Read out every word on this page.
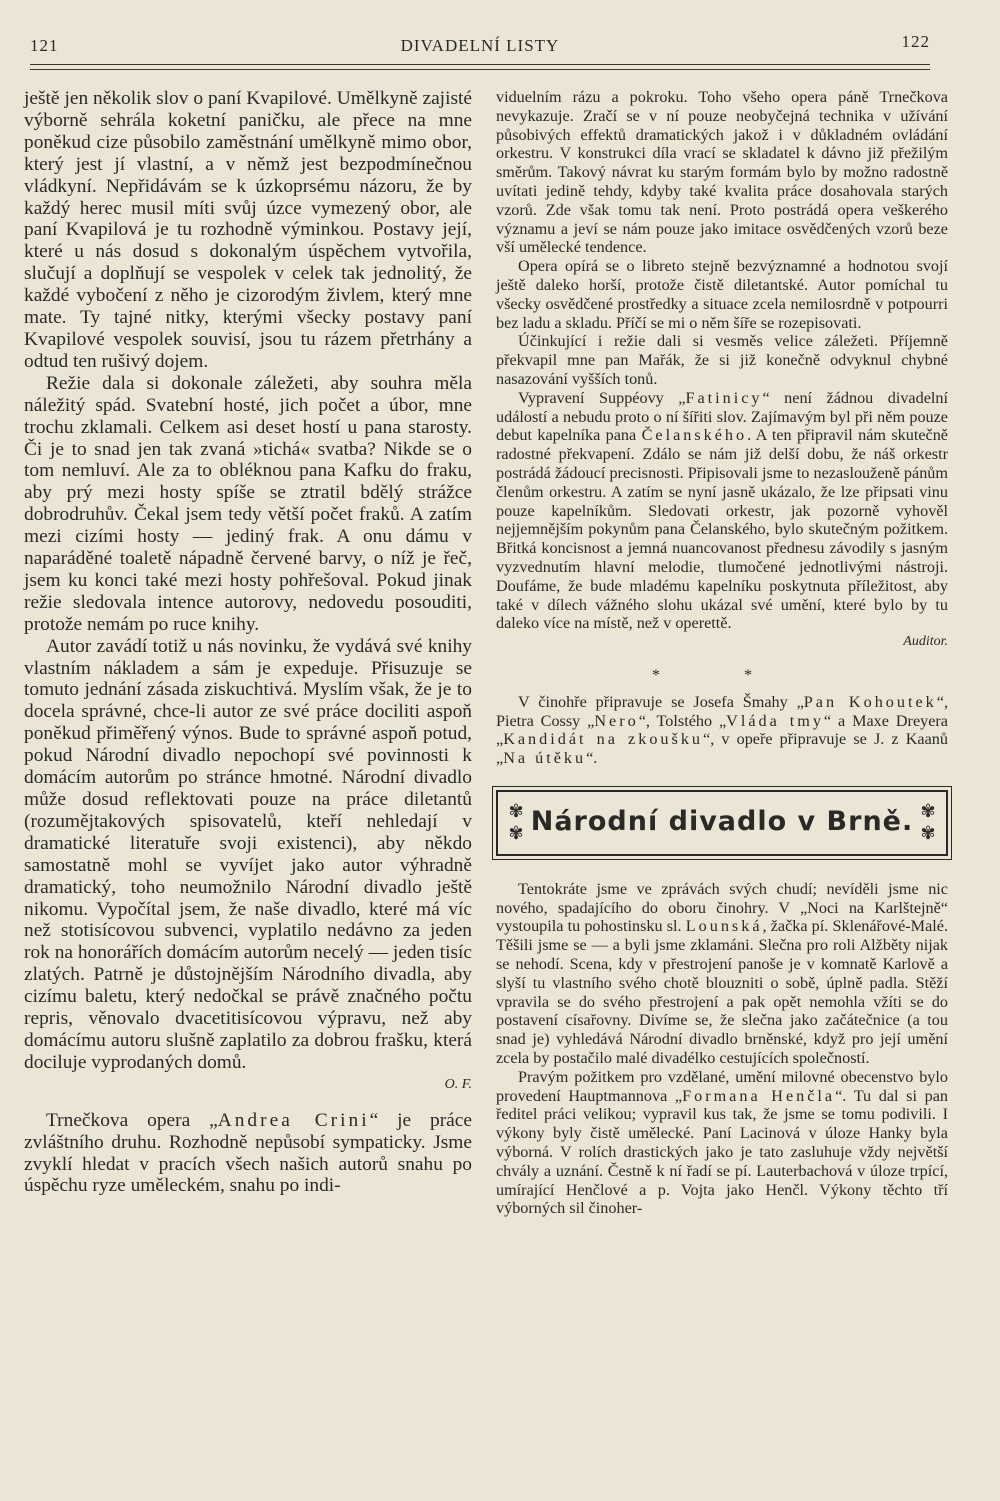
121	DIVADELNÍ LISTY	122

ještě jen několik slov o paní Kvapilové. Umělkyně zajisté výborně sehrála koketní paničku, ale přece na mne poněkud cize působilo zaměstnání umělkyně mimo obor, který jest jí vlastní, a v němž jest bezpodmínečnou vládkyní. Nepřidávám se k úzkoprsému názoru, že by každý herec musil míti svůj úzce vymezený obor, ale paní Kvapilová je tu rozhodně výminkou. Postavy její, které u nás dosud s dokonalým úspěchem vytvořila, slučují a doplňují se vespolek v celek tak jednolitý, že každé vybočení z něho je cizorodým živlem, který mne mate. Ty tajné nitky, kterými všecky postavy paní Kvapilové vespolek souvisí, jsou tu rázem přetrhány a odtud ten rušivý dojem.

Režie dala si dokonale záležeti, aby souhra měla náležitý spád. Svatební hosté, jich počet a úbor, mne trochu zklamali. Celkem asi deset hostí u pana starosty. Či je to snad jen tak zvaná »tichá« svatba? Nikde se o tom nemluví. Ale za to obléknou pana Kafku do fraku, aby prý mezi hosty spíše se ztratil bdělý strážce dobrodruhův. Čekal jsem tedy větší počet fraků. A zatím mezi cizími hosty — jediný frak. A onu dámu v naparáděné toaletě nápadně červené barvy, o níž je řeč, jsem ku konci také mezi hosty pohřešoval. Pokud jinak režie sledovala intence autorovy, nedovedu posouditi, protože nemám po ruce knihy.

Autor zavádí totiž u nás novinku, že vydává své knihy vlastním nákladem a sám je expeduje. Přisuzuje se tomuto jednání zásada ziskuchtivá. Myslím však, že je to docela správné, chce-li autor ze své práce dociliti aspoň poněkud přiměřený výnos. Bude to správné aspoň potud, pokud Národní divadlo nepochopí své povinnosti k domácím autorům po stránce hmotné. Národní divadlo může dosud reflektovati pouze na práce diletantů (rozumějtakových spisovatelů, kteří nehledají v dramatické literatuře svoji existenci), aby někdo samostatně mohl se vyvíjet jako autor výhradně dramatický, toho neumožnilo Národní divadlo ještě nikomu. Vypočítal jsem, že naše divadlo, které má víc než stotisícovou subvenci, vyplatilo nedávno za jeden rok na honorářích domácím autorům necelý — jeden tisíc zlatých. Patrně je důstojnějším Národního divadla, aby cizímu baletu, který nedočkal se právě značného počtu repris, věnovalo dvacetitisícovou výpravu, než aby domácímu autoru slušně zaplatilo za dobrou frašku, která dociluje vyprodaných domů.

O. F.

Trnečkova opera „Andrea Crini“ je práce zvláštního druhu. Rozhodně nepůsobí sympaticky. Jsme zvyklí hledat v pracích všech našich autorů snahu po úspěchu ryze uměleckém, snahu po indi-

viduelním rázu a pokroku. Toho všeho opera páně Trnečkova nevykazuje. Zračí se v ní pouze neobyčejná technika v užívání působivých effektů dramatických jakož i v důkladném ovládání orkestru. V konstrukci díla vrací se skladatel k dávno již přežilým směrům. Takový návrat ku starým formám bylo by možno radostně uvítati jedině tehdy, kdyby také kvalita práce dosahovala starých vzorů. Zde však tomu tak není. Proto postrádá opera veškerého významu a jeví se nám pouze jako imitace osvědčených vzorů beze vší umělecké tendence.

Opera opírá se o libreto stejně bezvýznamné a hodnotou svojí ještě daleko horší, protože čistě diletantské. Autor pomíchal tu všecky osvědčené prostředky a situace zcela nemilosrdně v potpourri bez ladu a skladu. Příčí se mi o něm šíře se rozepisovati.

Účinkující i režie dali si vesměs velice záležeti. Příjemně překvapil mne pan Mařák, že si již konečně odvyknul chybné nasazování vyšších tonů.

Vypravení Suppéovy „Fatinicy“ není žádnou divadelní událostí a nebudu proto o ní šířiti slov. Zajímavým byl při něm pouze debut kapelníka pana Čelanského. A ten připravil nám skutečně radostné překvapení. Zdálo se nám již delší dobu, že náš orkestr postrádá žádoucí precisnosti. Připisovali jsme to nezaslouženě pánům členům orkestru. A zatím se nyní jasně ukázalo, že lze připsati vinu pouze kapelníkům. Sledovati orkestr, jak pozorně vyhověl nejjemnějším pokynům pana Čelanského, bylo skutečným požitkem. Břitká koncisnost a jemná nuancovanost přednesu závodily s jasným vyzvednutím hlavní melodie, tlumočené jednotlivými nástroji. Doufáme, že bude mladému kapelníku poskytnuta příležitost, aby také v dílech vážného slohu ukázal své umění, které bylo by tu daleko více na místě, než v operettě.

Auditor.
* *

V činohře připravuje se Josefa Šmahy „Pan Kohoutek“, Pietra Cossy „Nero“, Tolstého „Vláda tmy“ a Maxe Dreyera „Kandidát na zkoušku“, v opeře připravuje se J. z Kaanů „Na útěku“.

✾
✾ Národní divadlo v Brně. ✾
✾

Tentokráte jsme ve zprávách svých chudí; nevíděli jsme nic nového, spadajícího do oboru činohry. V „Noci na Karlštejně“ vystoupila tu pohostinsku sl. Lounská, žačka pí. Sklenářové-Malé. Těšili jsme se — a byli jsme zklamáni. Slečna pro roli Alžběty nijak se nehodí. Scena, kdy v přestrojení panoše je v komnatě Karlově a slyší tu vlastního svého chotě blouzniti o sobě, úplně padla. Stěží vpravila se do svého přestrojení a pak opět nemohla vžíti se do postavení císařovny. Divíme se, že slečna jako začátečnice (a tou snad je) vyhledává Národní divadlo brněnské, když pro její umění zcela by postačilo malé divadélko cestujících společností.

Pravým požitkem pro vzdělané, umění milovné obecenstvo bylo provedení Hauptmannova „Formana Henčla“. Tu dal si pan ředitel práci velikou; vypravil kus tak, že jsme se tomu podivili. I výkony byly čistě umělecké. Paní Lacinová v úloze Hanky byla výborná. V rolích drastických jako je tato zasluhuje vždy největší chvály a uznání. Čestně k ní řadí se pí. Lauterbachová v úloze trpící, umírající Henčlové a p. Vojta jako Henčl. Výkony těchto tří výborných sil činoher-
